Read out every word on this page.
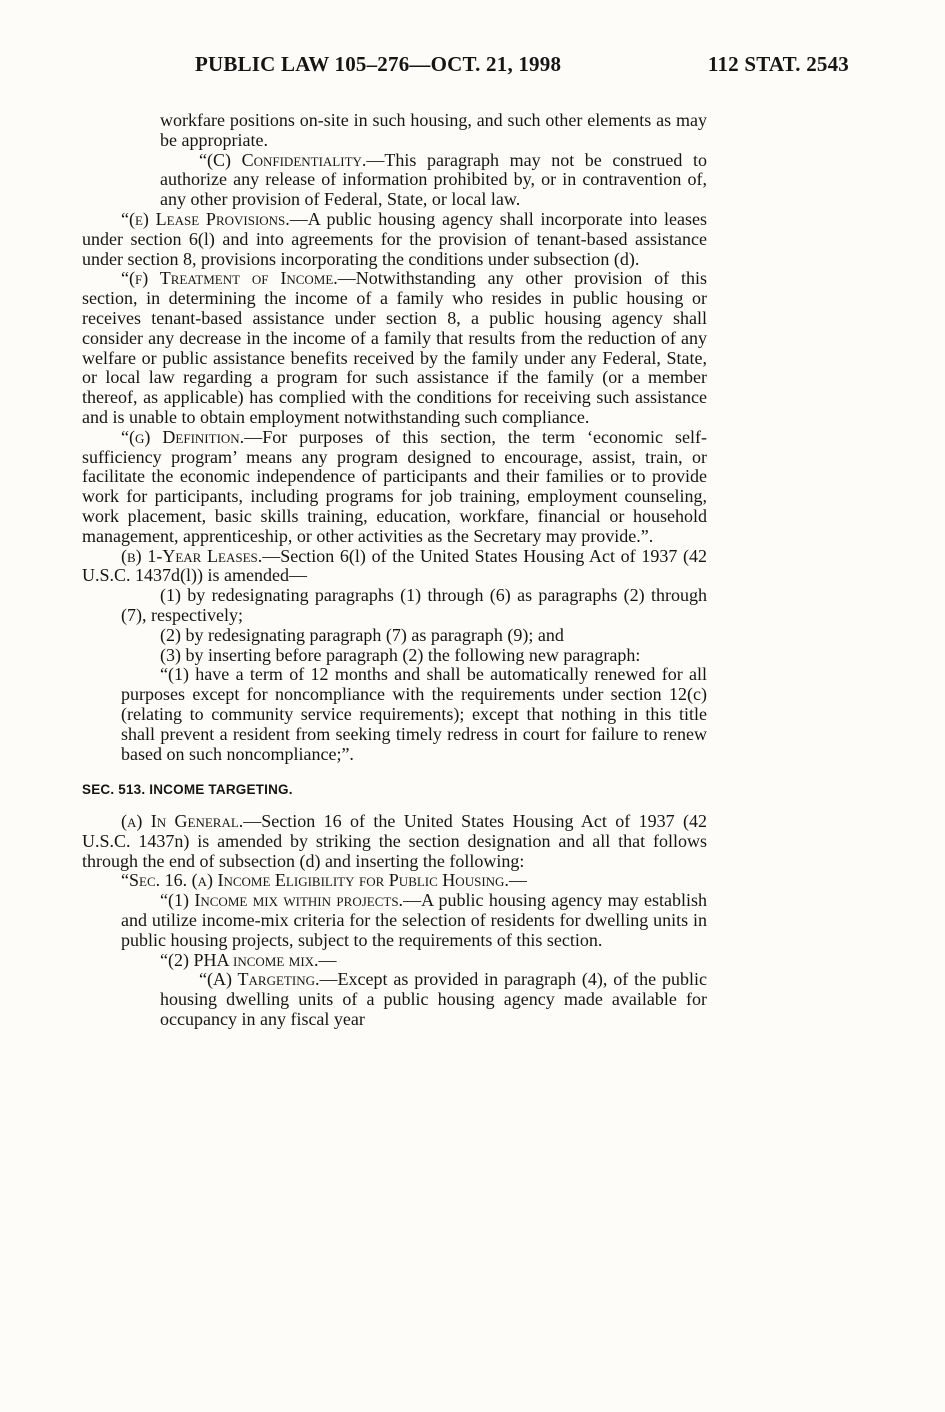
PUBLIC LAW 105–276—OCT. 21, 1998	112 STAT. 2543

workfare positions on-site in such housing, and such other elements as may be appropriate.

“(C) Confidentiality.—This paragraph may not be construed to authorize any release of information prohibited by, or in contravention of, any other provision of Federal, State, or local law.

“(e) Lease Provisions.—A public housing agency shall incorporate into leases under section 6(l) and into agreements for the provision of tenant-based assistance under section 8, provisions incorporating the conditions under subsection (d).

“(f) Treatment of Income.—Notwithstanding any other provision of this section, in determining the income of a family who resides in public housing or receives tenant-based assistance under section 8, a public housing agency shall consider any decrease in the income of a family that results from the reduction of any welfare or public assistance benefits received by the family under any Federal, State, or local law regarding a program for such assistance if the family (or a member thereof, as applicable) has complied with the conditions for receiving such assistance and is unable to obtain employment notwithstanding such compliance.

“(g) Definition.—For purposes of this section, the term ‘economic self-sufficiency program’ means any program designed to encourage, assist, train, or facilitate the economic independence of participants and their families or to provide work for participants, including programs for job training, employment counseling, work placement, basic skills training, education, workfare, financial or household management, apprenticeship, or other activities as the Secretary may provide.”.

(b) 1-Year Leases.—Section 6(l) of the United States Housing Act of 1937 (42 U.S.C. 1437d(l)) is amended—

(1) by redesignating paragraphs (1) through (6) as paragraphs (2) through (7), respectively;

(2) by redesignating paragraph (7) as paragraph (9); and

(3) by inserting before paragraph (2) the following new paragraph:

“(1) have a term of 12 months and shall be automatically renewed for all purposes except for noncompliance with the requirements under section 12(c) (relating to community service requirements); except that nothing in this title shall prevent a resident from seeking timely redress in court for failure to renew based on such noncompliance;”.

SEC. 513. INCOME TARGETING.

(a) In General.—Section 16 of the United States Housing Act of 1937 (42 U.S.C. 1437n) is amended by striking the section designation and all that follows through the end of subsection (d) and inserting the following:

“Sec. 16. (a) Income Eligibility for Public Housing.—

“(1) Income mix within projects.—A public housing agency may establish and utilize income-mix criteria for the selection of residents for dwelling units in public housing projects, subject to the requirements of this section.

“(2) PHA income mix.—

“(A) Targeting.—Except as provided in paragraph (4), of the public housing dwelling units of a public housing agency made available for occupancy in any fiscal year
